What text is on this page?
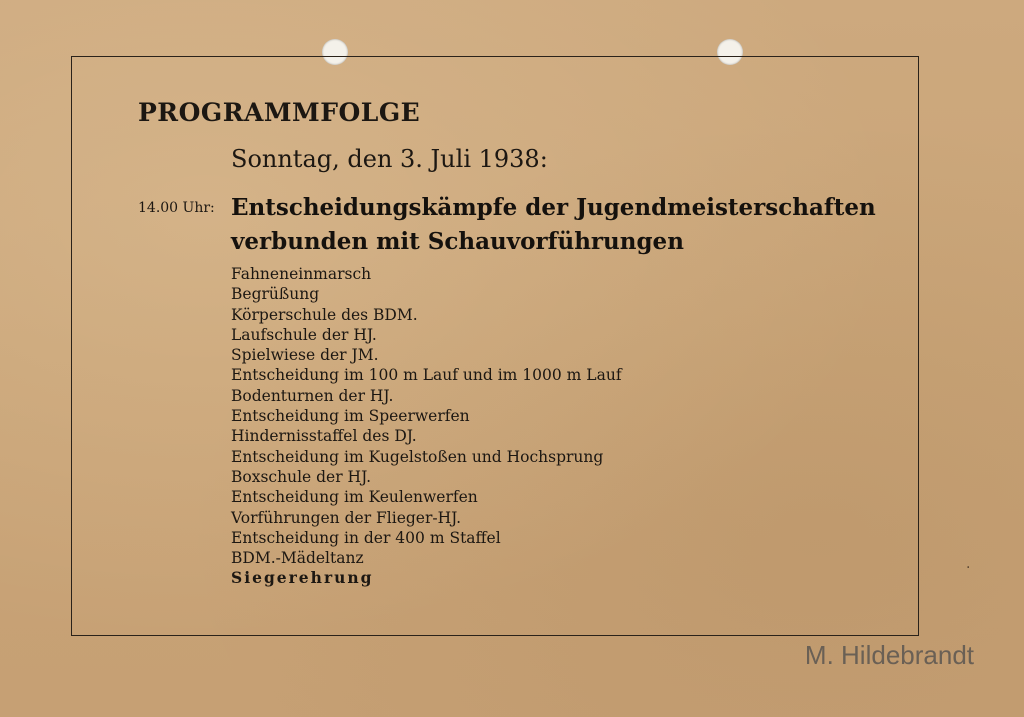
PROGRAMMFOLGE
Sonntag, den 3. Juli 1938:
14.00 Uhr: Entscheidungskämpfe der Jugendmeisterschaften
verbunden mit Schauvorführungen
Fahneneinmarsch
Begrüßung
Körperschule des BDM.
Laufschule der HJ.
Spielwiese der JM.
Entscheidung im 100 m Lauf und im 1000 m Lauf
Bodenturnen der HJ.
Entscheidung im Speerwerfen
Hindernisstaffel des DJ.
Entscheidung im Kugelstoßen und Hochsprung
Boxschule der HJ.
Entscheidung im Keulenwerfen
Vorführungen der Flieger-HJ.
Entscheidung in der 400 m Staffel
BDM.-Mädeltanz
Siegerehrung
·
M. Hildebrandt
